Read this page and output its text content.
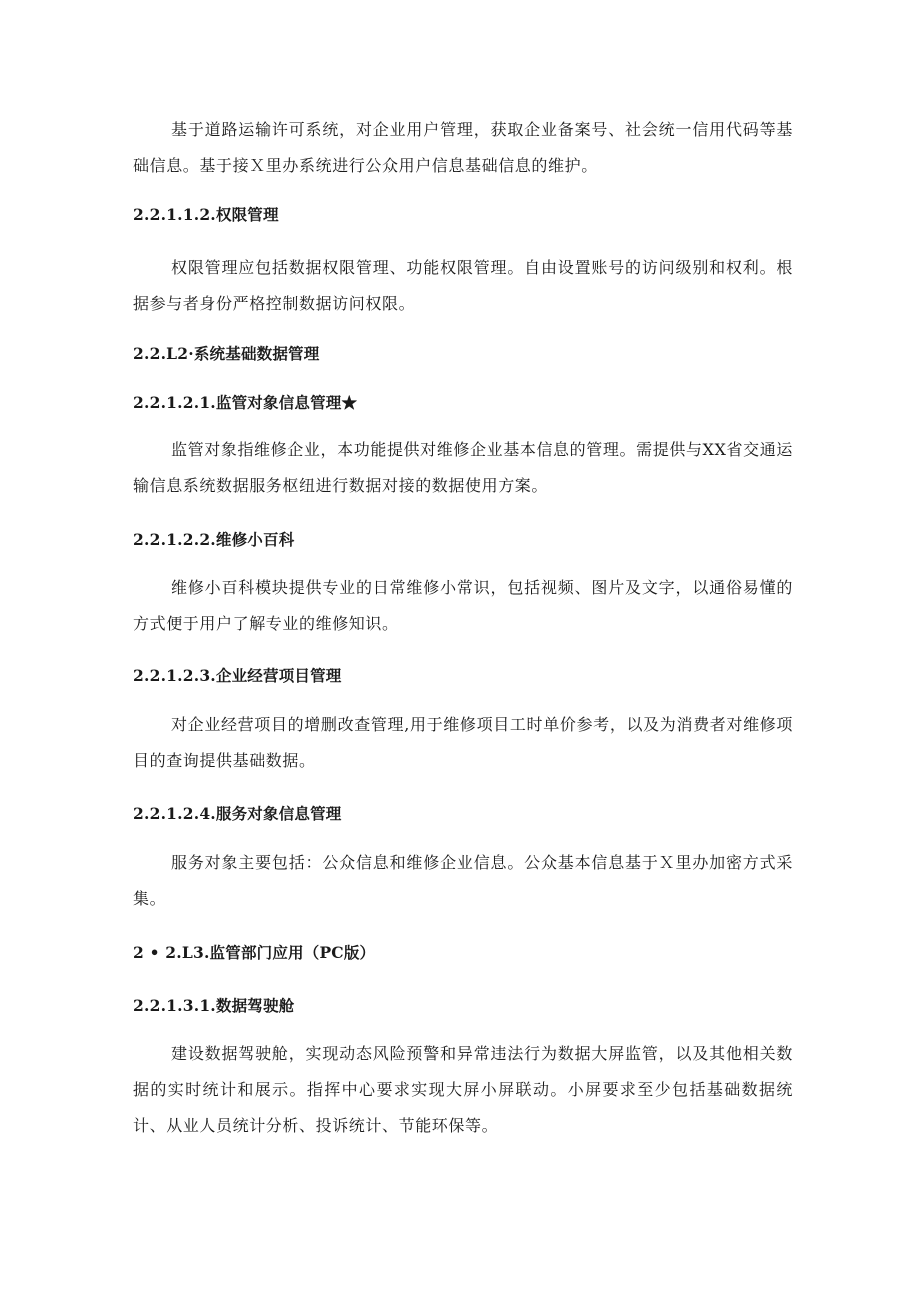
基于道路运输许可系统，对企业用户管理，获取企业备案号、社会统一信用代码等基础信息。基于接Ｘ里办系统进行公众用户信息基础信息的维护。

2.2.1.1.2.权限管理

权限管理应包括数据权限管理、功能权限管理。自由设置账号的访问级别和权利。根据参与者身份严格控制数据访问权限。

2.2.L2·系统基础数据管理

2.2.1.2.1.监管对象信息管理★

监管对象指维修企业，本功能提供对维修企业基本信息的管理。需提供与XX省交通运输信息系统数据服务枢纽进行数据对接的数据使用方案。

2.2.1.2.2.维修小百科

维修小百科模块提供专业的日常维修小常识，包括视频、图片及文字，以通俗易懂的方式便于用户了解专业的维修知识。

2.2.1.2.3.企业经营项目管理

对企业经营项目的增删改查管理,用于维修项目工时单价参考，以及为消费者对维修项目的查询提供基础数据。

2.2.1.2.4.服务对象信息管理

服务对象主要包括：公众信息和维修企业信息。公众基本信息基于Ｘ里办加密方式采集。

2 • 2.L3.监管部门应用（PC版）

2.2.1.3.1.数据驾驶舱

建设数据驾驶舱，实现动态风险预警和异常违法行为数据大屏监管，以及其他相关数据的实时统计和展示。指挥中心要求实现大屏小屏联动。小屏要求至少包括基础数据统计、从业人员统计分析、投诉统计、节能环保等。
